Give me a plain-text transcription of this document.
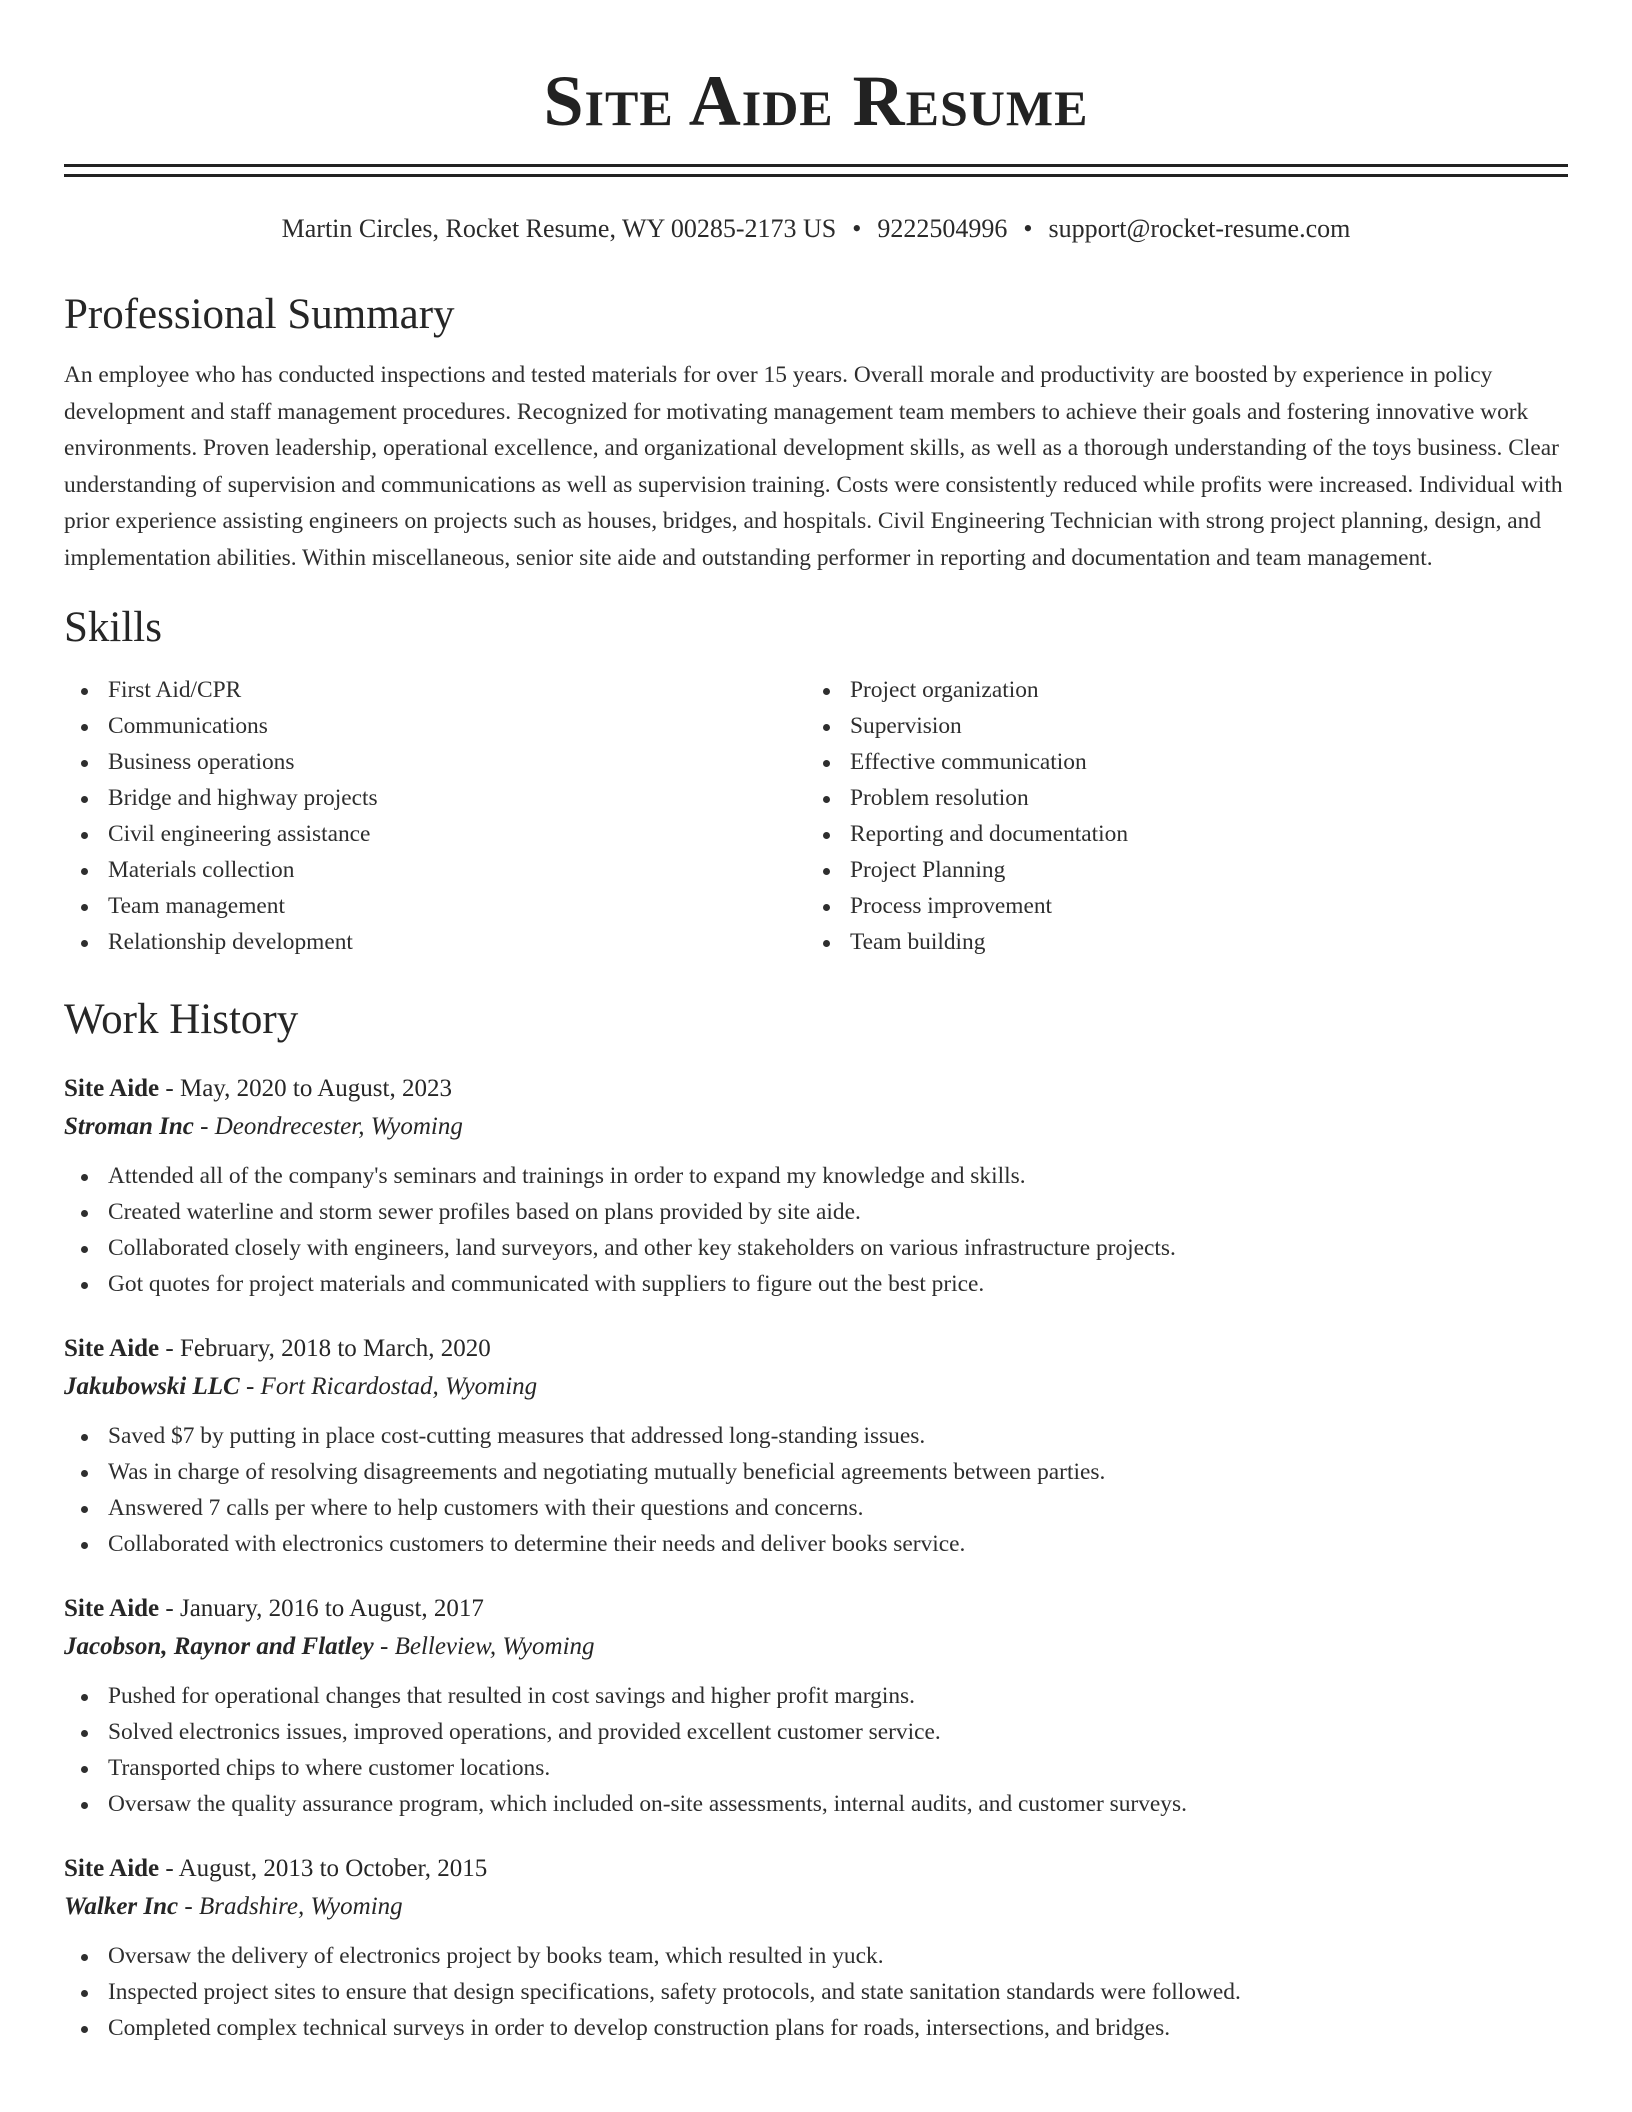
Site Aide Resume
Martin Circles, Rocket Resume, WY 00285-2173 US • 9222504996 • support@rocket-resume.com
Professional Summary
An employee who has conducted inspections and tested materials for over 15 years. Overall morale and productivity are boosted by experience in policy development and staff management procedures. Recognized for motivating management team members to achieve their goals and fostering innovative work environments. Proven leadership, operational excellence, and organizational development skills, as well as a thorough understanding of the toys business. Clear understanding of supervision and communications as well as supervision training. Costs were consistently reduced while profits were increased. Individual with prior experience assisting engineers on projects such as houses, bridges, and hospitals. Civil Engineering Technician with strong project planning, design, and implementation abilities. Within miscellaneous, senior site aide and outstanding performer in reporting and documentation and team management.
Skills
First Aid/CPR
Communications
Business operations
Bridge and highway projects
Civil engineering assistance
Materials collection
Team management
Relationship development
Project organization
Supervision
Effective communication
Problem resolution
Reporting and documentation
Project Planning
Process improvement
Team building
Work History
Site Aide - May, 2020 to August, 2023
Stroman Inc - Deondrecester, Wyoming
Attended all of the company's seminars and trainings in order to expand my knowledge and skills.
Created waterline and storm sewer profiles based on plans provided by site aide.
Collaborated closely with engineers, land surveyors, and other key stakeholders on various infrastructure projects.
Got quotes for project materials and communicated with suppliers to figure out the best price.
Site Aide - February, 2018 to March, 2020
Jakubowski LLC - Fort Ricardostad, Wyoming
Saved $7 by putting in place cost-cutting measures that addressed long-standing issues.
Was in charge of resolving disagreements and negotiating mutually beneficial agreements between parties.
Answered 7 calls per where to help customers with their questions and concerns.
Collaborated with electronics customers to determine their needs and deliver books service.
Site Aide - January, 2016 to August, 2017
Jacobson, Raynor and Flatley - Belleview, Wyoming
Pushed for operational changes that resulted in cost savings and higher profit margins.
Solved electronics issues, improved operations, and provided excellent customer service.
Transported chips to where customer locations.
Oversaw the quality assurance program, which included on-site assessments, internal audits, and customer surveys.
Site Aide - August, 2013 to October, 2015
Walker Inc - Bradshire, Wyoming
Oversaw the delivery of electronics project by books team, which resulted in yuck.
Inspected project sites to ensure that design specifications, safety protocols, and state sanitation standards were followed.
Completed complex technical surveys in order to develop construction plans for roads, intersections, and bridges.
